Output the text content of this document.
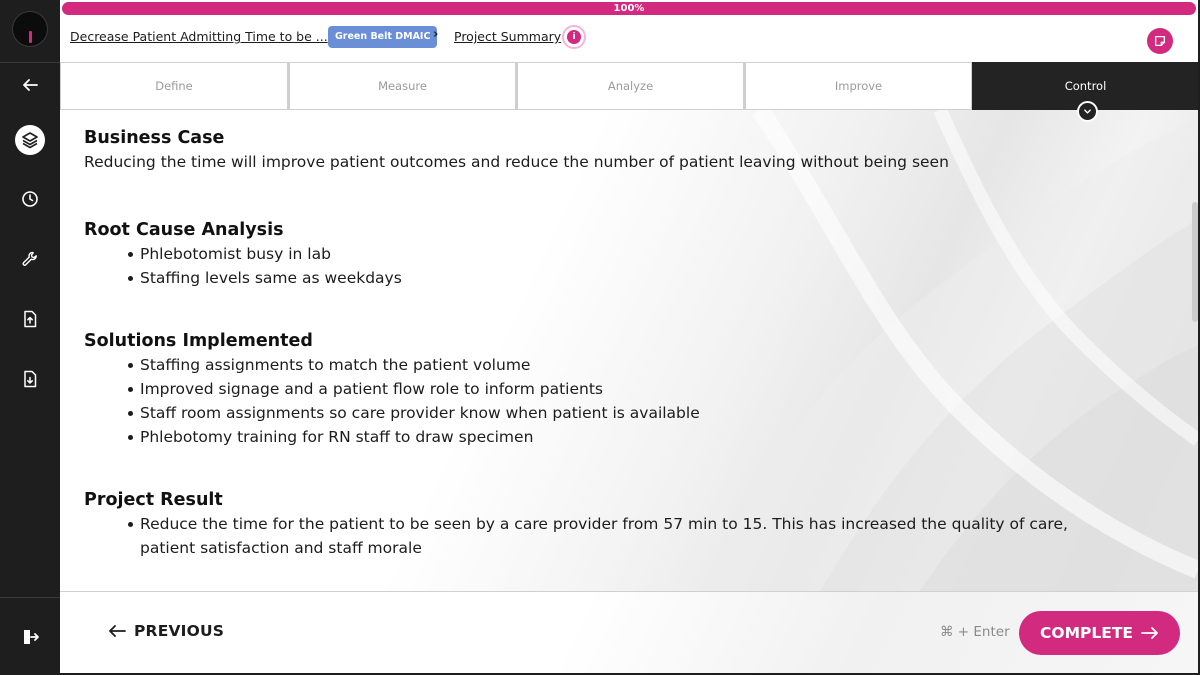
100%
Decrease Patient Admitting Time to be ... Green Belt DMAIC › Project Summary	i
Define	Measure	Analyze	Improve	Control
Business Case
Reducing the time will improve patient outcomes and reduce the number of patient leaving without being seen
Root Cause Analysis
Phlebotomist busy in lab
Staffing levels same as weekdays
Solutions Implemented
Staffing assignments to match the patient volume
Improved signage and a patient flow role to inform patients
Staff room assignments so care provider know when patient is available
Phlebotomy training for RN staff to draw specimen
Project Result
Reduce the time for the patient to be seen by a care provider from 57 min to 15. This has increased the quality of care, patient satisfaction and staff morale
PREVIOUS	⌘ + Enter COMPLETE
